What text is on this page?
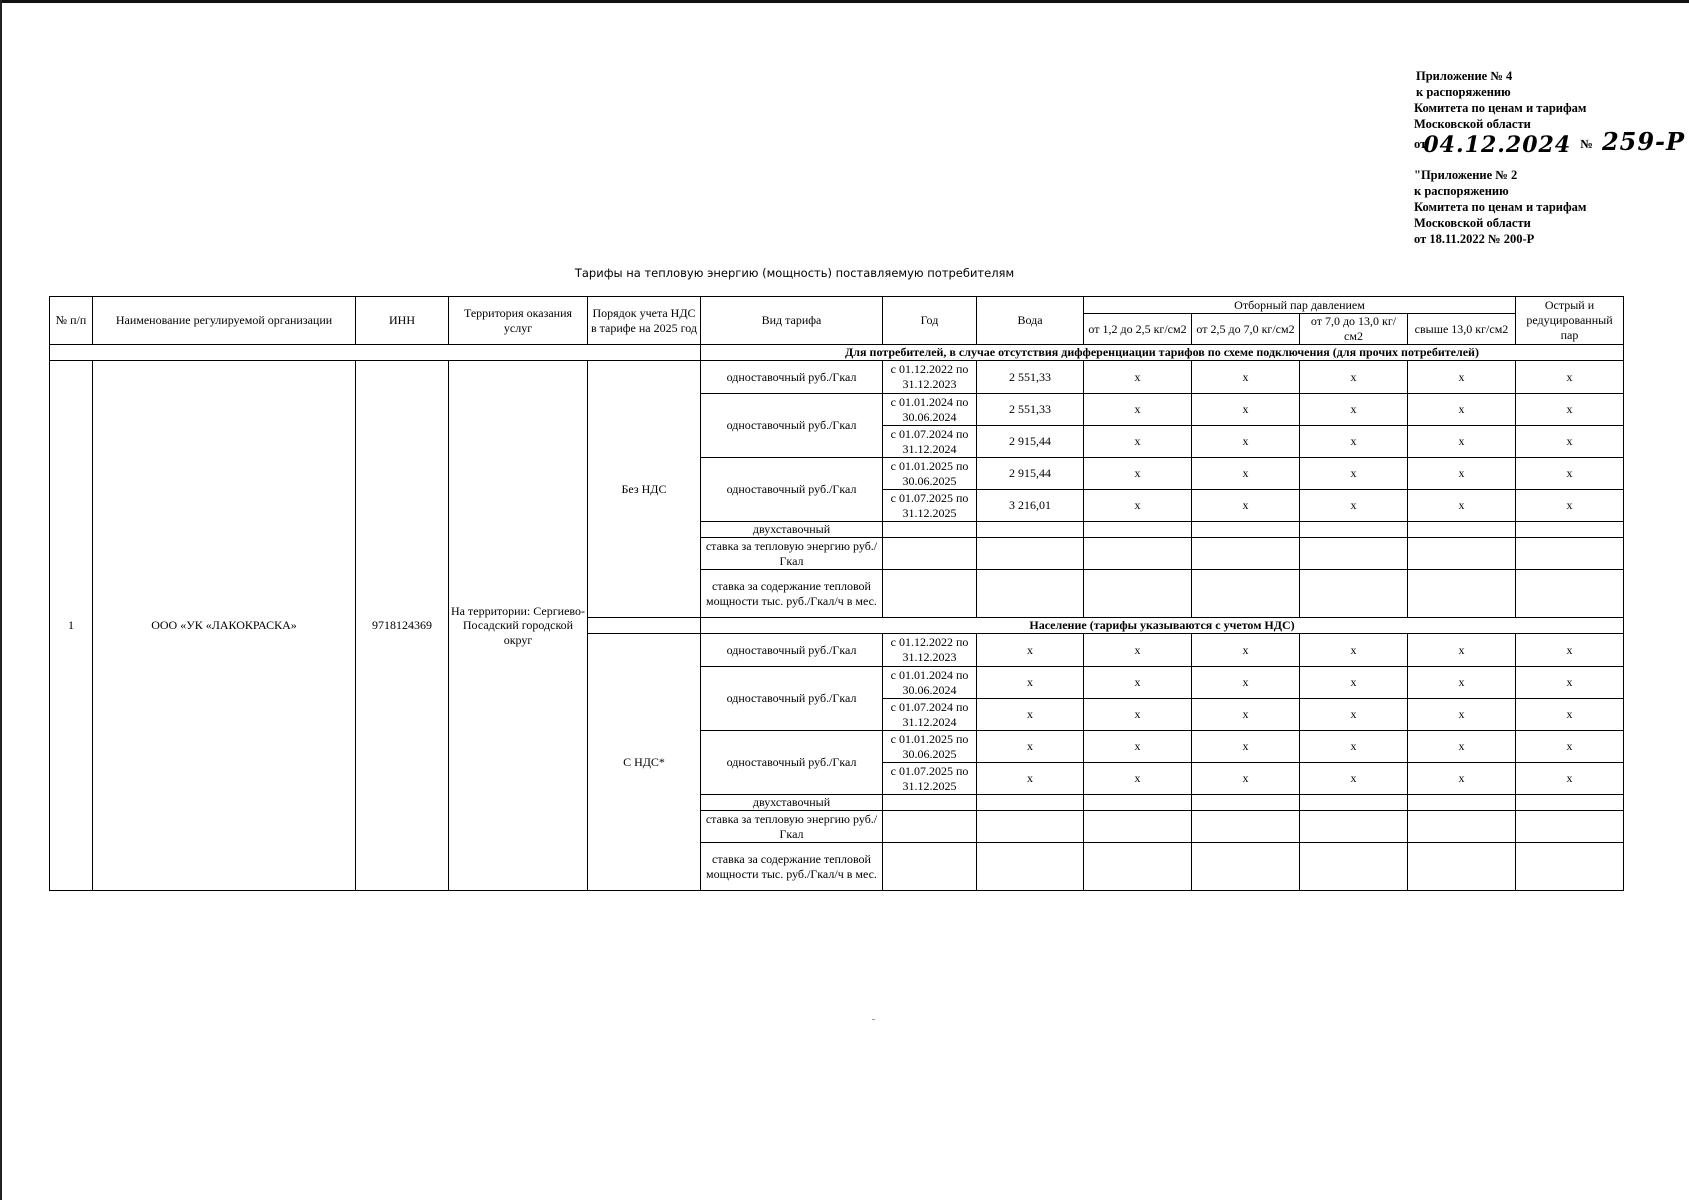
Приложение № 4
к распоряжению
Комитета по ценам и тарифам
Московской области
от 04.12.2024 № 259-Р
"Приложение № 2
к распоряжению
Комитета по ценам и тарифам
Московской области
от 18.11.2022 № 200-Р
Тарифы на тепловую энергию (мощность) поставляемую потребителям
№ п/п	Наименование регулируемой организации	ИНН	Территория оказания услуг	Порядок учета НДС в тарифе на 2025 год	Вид тарифа	Год	Вода	Отборный пар давлением				Острый и редуцированный пар
								от 1,2 до 2,5 кг/см2	от 2,5 до 7,0 кг/см2	от 7,0 до 13,0 кг/см2	свыше 13,0 кг/см2	
					Для потребителей, в случае отсутствия дифференциации тарифов по схеме подключения (для прочих потребителей)							
1	ООО «УК «ЛАКОКРАСКА»	9718124369	На территории: Сергиево-Посадский городской округ	Без НДС	одноставочный руб./Гкал	с 01.12.2022 по 31.12.2023	2 551,33	x	x	x	x	x
					одноставочный руб./Гкал	с 01.01.2024 по 30.06.2024	2 551,33	x	x	x	x	x
						с 01.07.2024 по 31.12.2024	2 915,44	x	x	x	x	x
					одноставочный руб./Гкал	с 01.01.2025 по 30.06.2025	2 915,44	x	x	x	x	x
						с 01.07.2025 по 31.12.2025	3 216,01	x	x	x	x	x
					двухставочный							
					ставка за тепловую энергию руб./Гкал							
					ставка за содержание тепловой мощности тыс. руб./Гкал/ч в мес.							
					Население (тарифы указываются с учетом НДС)							
				С НДС*	одноставочный руб./Гкал	с 01.12.2022 по 31.12.2023	x	x	x	x	x	x
					одноставочный руб./Гкал	с 01.01.2024 по 30.06.2024	x	x	x	x	x	x
						с 01.07.2024 по 31.12.2024	x	x	x	x	x	x
					одноставочный руб./Гкал	с 01.01.2025 по 30.06.2025	x	x	x	x	x	x
						с 01.07.2025 по 31.12.2025	x	x	x	x	x	x
					двухставочный							
					ставка за тепловую энергию руб./Гкал							
					ставка за содержание тепловой мощности тыс. руб./Гкал/ч в мес.							
